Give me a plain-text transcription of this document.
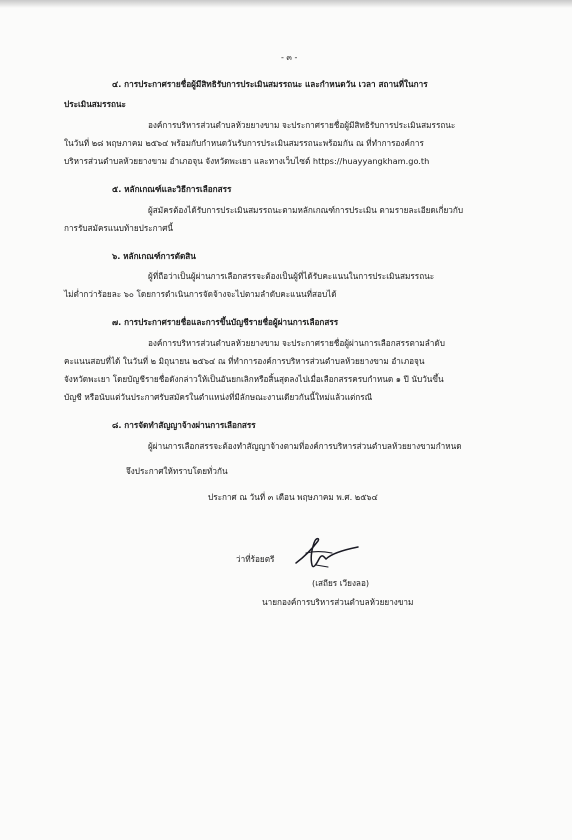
- ๓ -
๔. การประกาศรายชื่อผู้มีสิทธิรับการประเมินสมรรถนะ และกำหนดวัน เวลา สถานที่ในการ
ประเมินสมรรถนะ
องค์การบริหารส่วนตำบลห้วยยางขาม จะประกาศรายชื่อผู้มีสิทธิรับการประเมินสมรรถนะ
ในวันที่ ๒๘ พฤษภาคม ๒๕๖๔ พร้อมกับกำหนดวันรับการประเมินสมรรถนะพร้อมกัน ณ ที่ทำการองค์การ
บริหารส่วนตำบลห้วยยางขาม อำเภอจุน จังหวัดพะเยา และทางเว็บไซต์ https://huayyangkham.go.th
๕. หลักเกณฑ์และวิธีการเลือกสรร
ผู้สมัครต้องได้รับการประเมินสมรรถนะตามหลักเกณฑ์การประเมิน ตามรายละเอียดเกี่ยวกับ
การรับสมัครแนบท้ายประกาศนี้
๖. หลักเกณฑ์การตัดสิน
ผู้ที่ถือว่าเป็นผู้ผ่านการเลือกสรรจะต้องเป็นผู้ที่ได้รับคะแนนในการประเมินสมรรถนะ
ไม่ต่ำกว่าร้อยละ ๖๐ โดยการดำเนินการจัดจ้างจะไปตามลำดับคะแนนที่สอบได้
๗. การประกาศรายชื่อและการขึ้นบัญชีรายชื่อผู้ผ่านการเลือกสรร
องค์การบริหารส่วนตำบลห้วยยางขาม จะประกาศรายชื่อผู้ผ่านการเลือกสรรตามลำดับ
คะแนนสอบที่ได้ ในวันที่ ๒ มิถุนายน ๒๕๖๔ ณ ที่ทำการองค์การบริหารส่วนตำบลห้วยยางขาม อำเภอจุน
จังหวัดพะเยา โดยบัญชีรายชื่อดังกล่าวให้เป็นอันยกเลิกหรือสิ้นสุดลงไปเมื่อเลือกสรรครบกำหนด ๑ ปี นับวันขึ้น
บัญชี หรือนับแต่วันประกาศรับสมัครในตำแหน่งที่มีลักษณะงานเดียวกันนี้ใหม่แล้วแต่กรณี
๘. การจัดทำสัญญาจ้างผ่านการเลือกสรร
ผู้ผ่านการเลือกสรรจะต้องทำสัญญาจ้างตามที่องค์การบริหารส่วนตำบลห้วยยางขามกำหนด
จึงประกาศให้ทราบโดยทั่วกัน
ประกาศ ณ วันที่ ๓ เดือน พฤษภาคม พ.ศ. ๒๕๖๔
ว่าที่ร้อยตรี
(เสถียร เวียงลอ)
นายกองค์การบริหารส่วนตำบลห้วยยางขาม
